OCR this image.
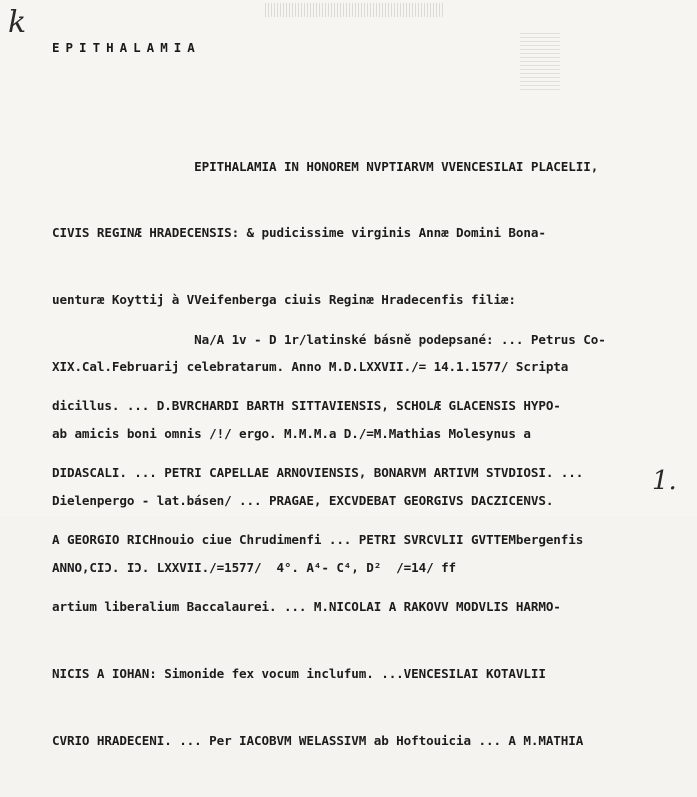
k
EPITHALAMIA

EPITHALAMIA IN HONOREM NVPTIARVM VVENCESILAI PLACELII,

CIVIS REGINÆ HRADECENSIS: & pudicissime virginis Annæ Domini Bona-

uenturæ Koyttij à VVeifenberga ciuis Reginæ Hradecenfis filiæ:

XIX.Cal.Februarij celebratarum. Anno M.D.LXXVII./= 14.1.1577/ Scripta

ab amicis boni omnis /!/ ergo. M.M.M.a D./=M.Mathias Molesynus a

Dielenpergo - lat.básen/ ... PRAGAE, EXCVDEBAT GEORGIVS DACZICENVS.

ANNO,CIƆ. IƆ. LXXVII./=1577/  4°. A⁴- C⁴, D²  /=14/ ff

Na/A 1v - D 1r/latinské básně podepsané: ... Petrus Co-

dicillus. ... D.BVRCHARDI BARTH SITTAVIENSIS, SCHOLÆ GLACENSIS HYPO-

DIDASCALI. ... PETRI CAPELLAE ARNOVIENSIS, BONARVM ARTIVM STVDIOSI. ...

A GEORGIO RICHnouio ciue Chrudimenfi ... PETRI SVRCVLII GVTTEMbergenfis

artium liberalium Baccalaurei. ... M.NICOLAI A RAKOVV MODVLIS HARMO-

NICIS A IOHAN: Simonide fex vocum inclufum. ...VENCESILAI KOTAVLII

CVRIO HRADECENI. ... Per IACOBVM WELASSIVM ab Hoftouicia ... A M.MATHIA

1.
